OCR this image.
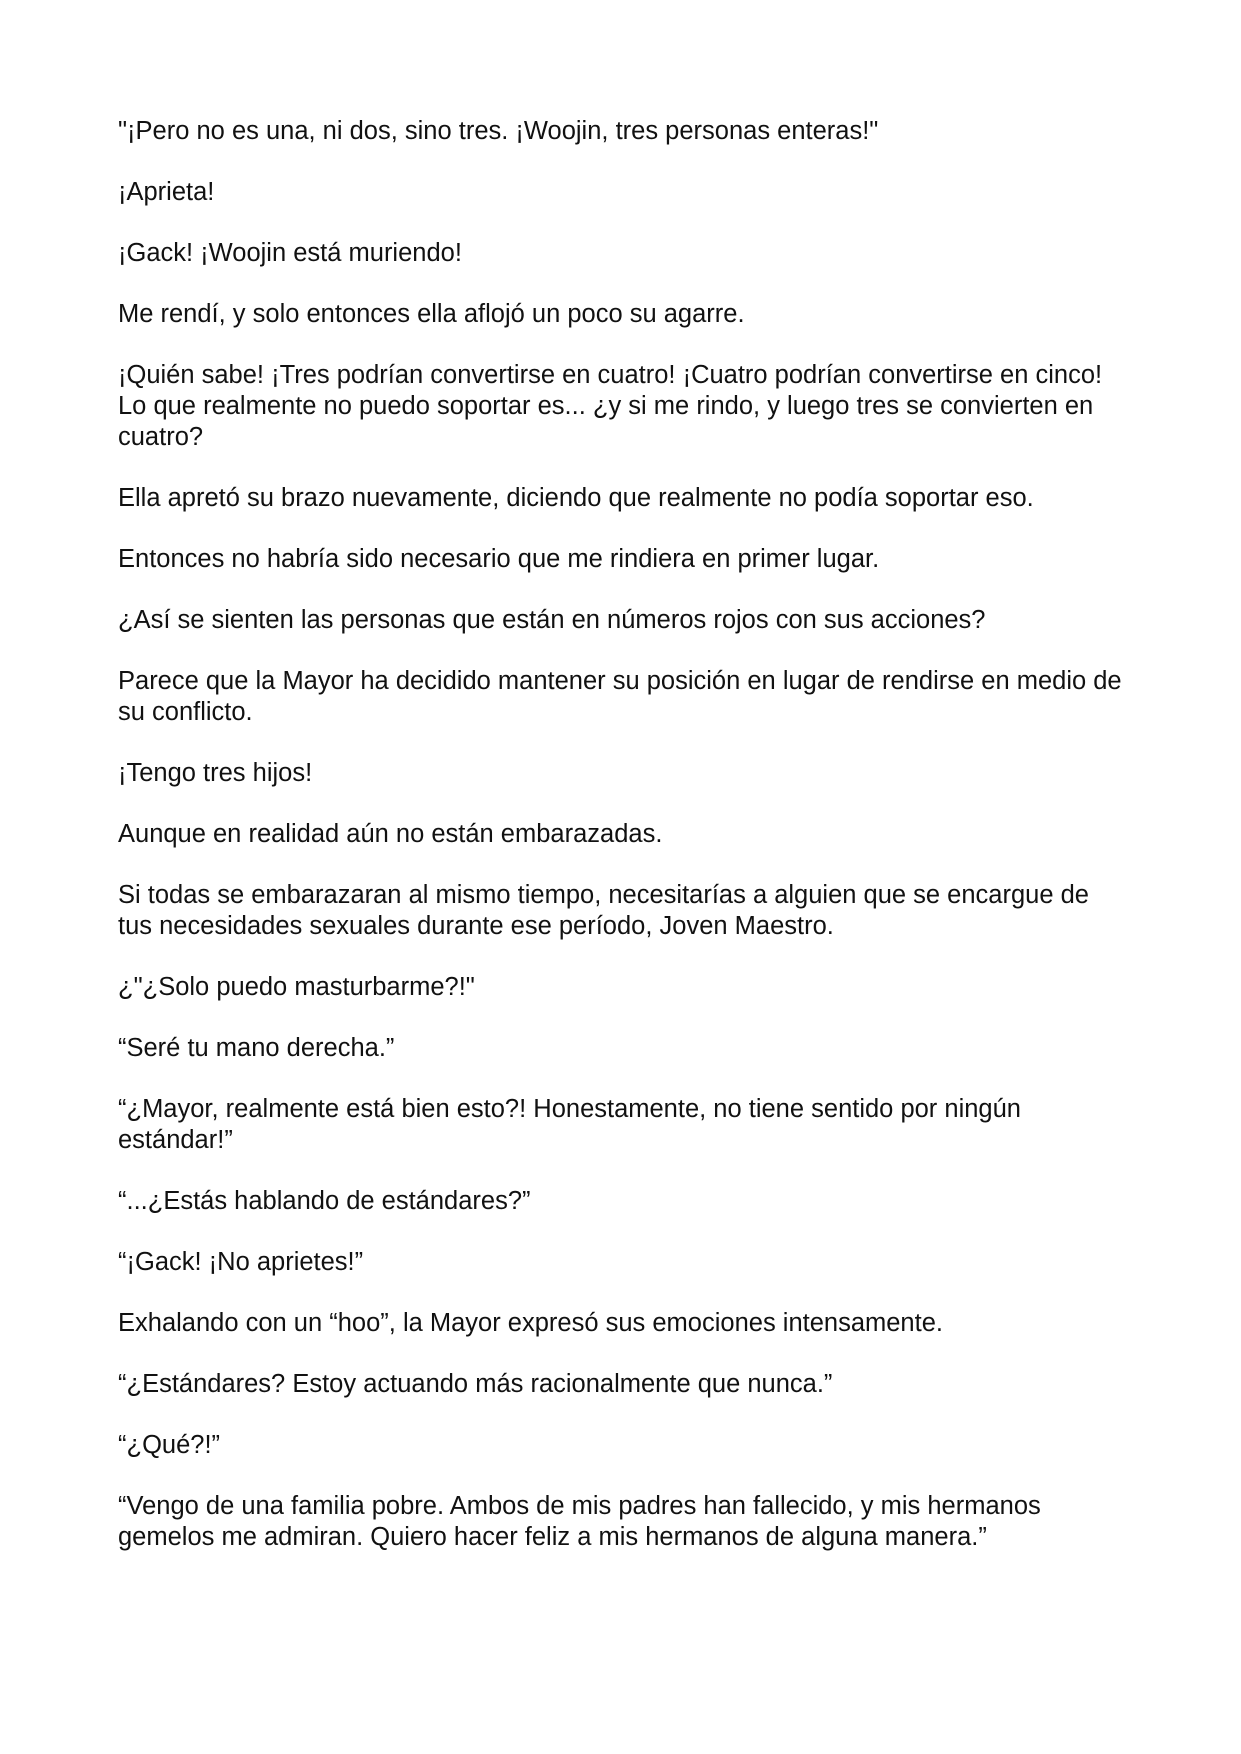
"¡Pero no es una, ni dos, sino tres. ¡Woojin, tres personas enteras!"

¡Aprieta!

¡Gack! ¡Woojin está muriendo!

Me rendí, y solo entonces ella aflojó un poco su agarre.

¡Quién sabe! ¡Tres podrían convertirse en cuatro! ¡Cuatro podrían convertirse en cinco! Lo que realmente no puedo soportar es... ¿y si me rindo, y luego tres se convierten en cuatro?

Ella apretó su brazo nuevamente, diciendo que realmente no podía soportar eso.

Entonces no habría sido necesario que me rindiera en primer lugar.

¿Así se sienten las personas que están en números rojos con sus acciones?

Parece que la Mayor ha decidido mantener su posición en lugar de rendirse en medio de su conflicto.

¡Tengo tres hijos!

Aunque en realidad aún no están embarazadas.

Si todas se embarazaran al mismo tiempo, necesitarías a alguien que se encargue de tus necesidades sexuales durante ese período, Joven Maestro.

¿"¿Solo puedo masturbarme?!"

“Seré tu mano derecha.”

“¿Mayor, realmente está bien esto?! Honestamente, no tiene sentido por ningún estándar!”

“...¿Estás hablando de estándares?”

“¡Gack! ¡No aprietes!”

Exhalando con un “hoo”, la Mayor expresó sus emociones intensamente.

“¿Estándares? Estoy actuando más racionalmente que nunca.”

“¿Qué?!”

“Vengo de una familia pobre. Ambos de mis padres han fallecido, y mis hermanos gemelos me admiran. Quiero hacer feliz a mis hermanos de alguna manera.”
